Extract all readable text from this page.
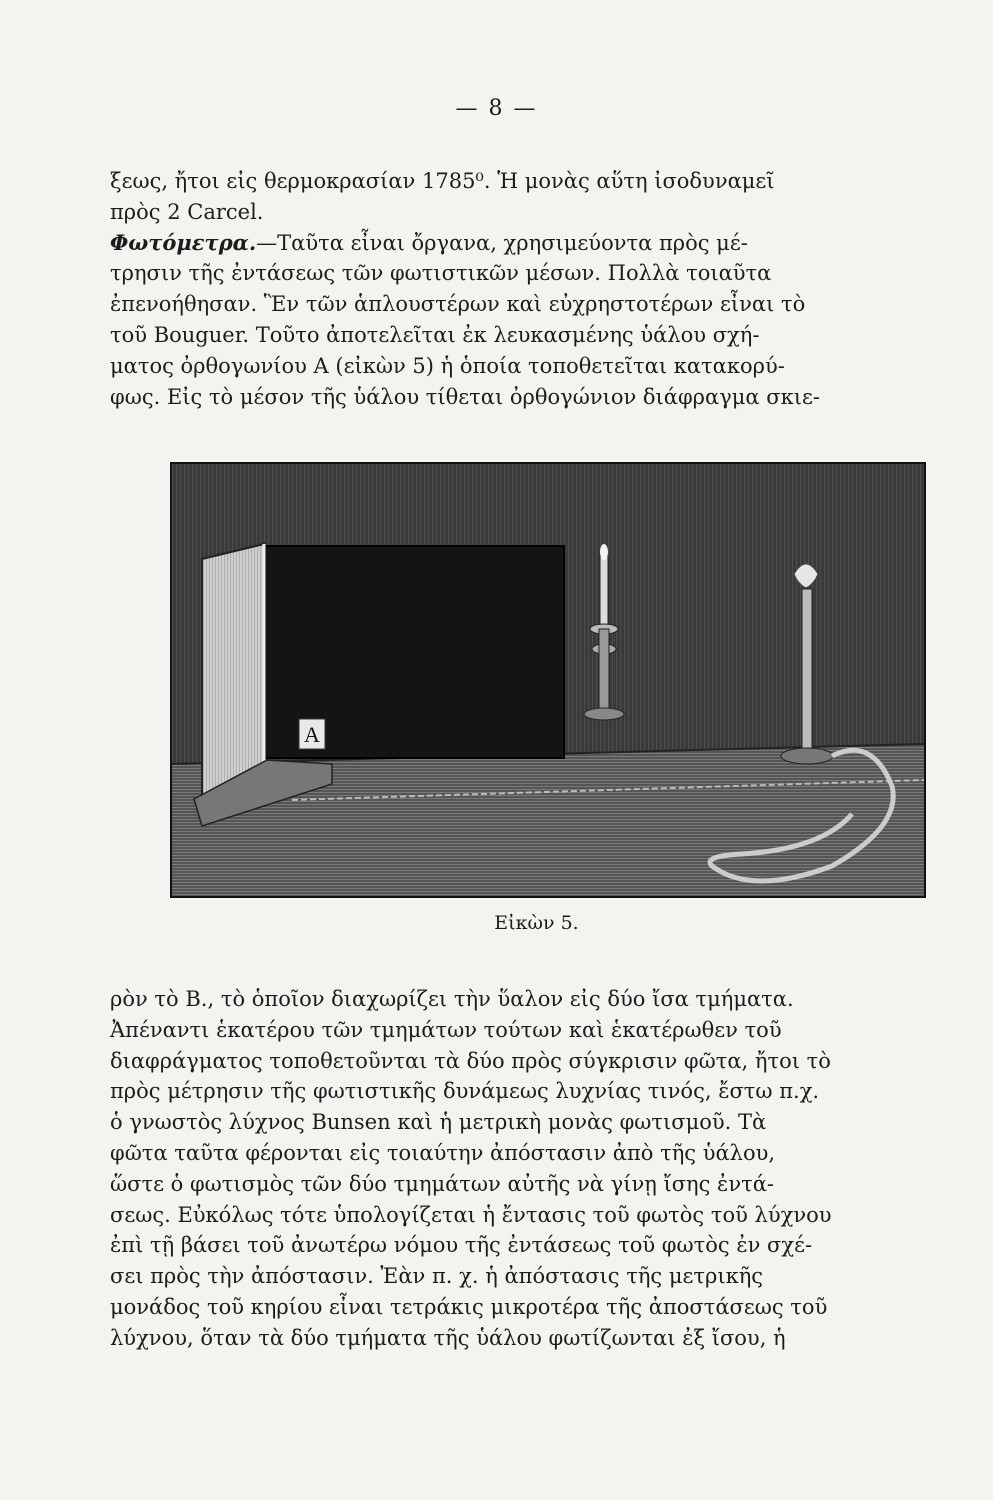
— 8 —
ξεως, ἤτοι εἰς θερμοκρασίαν 1785⁰. Ἡ μονὰς αὕτη ἰσοδυναμεῖ
πρὸς 2 Carcel.
Φωτόμετρα.—Ταῦτα εἶναι ὄργανα, χρησιμεύοντα πρὸς μέ-
τρησιν τῆς ἐντάσεως τῶν φωτιστικῶν μέσων. Πολλὰ τοιαῦτα
ἐπενοήθησαν. Ἓν τῶν ἁπλουστέρων καὶ εὐχρηστοτέρων εἶναι τὸ
τοῦ Bouguer. Τοῦτο ἀποτελεῖται ἐκ λευκασμένης ὑάλου σχή-
ματος ὀρθογωνίου Α (εἰκὼν 5) ἡ ὁποία τοποθετεῖται κατακορύ-
φως. Εἰς τὸ μέσον τῆς ὑάλου τίθεται ὀρθογώνιον διάφραγμα σκιε-
Α
Εἰκὼν 5.
ρὸν τὸ Β., τὸ ὁποῖον διαχωρίζει τὴν ὕαλον εἰς δύο ἴσα τμήματα.
Ἀπέναντι ἑκατέρου τῶν τμημάτων τούτων καὶ ἑκατέρωθεν τοῦ
διαφράγματος τοποθετοῦνται τὰ δύο πρὸς σύγκρισιν φῶτα, ἤτοι τὸ
πρὸς μέτρησιν τῆς φωτιστικῆς δυνάμεως λυχνίας τινός, ἔστω π.χ.
ὁ γνωστὸς λύχνος Bunsen καὶ ἡ μετρικὴ μονὰς φωτισμοῦ. Τὰ
φῶτα ταῦτα φέρονται εἰς τοιαύτην ἀπόστασιν ἀπὸ τῆς ὑάλου,
ὥστε ὁ φωτισμὸς τῶν δύο τμημάτων αὐτῆς νὰ γίνῃ ἴσης ἐντά-
σεως. Εὐκόλως τότε ὑπολογίζεται ἡ ἔντασις τοῦ φωτὸς τοῦ λύχνου
ἐπὶ τῇ βάσει τοῦ ἀνωτέρω νόμου τῆς ἐντάσεως τοῦ φωτὸς ἐν σχέ-
σει πρὸς τὴν ἀπόστασιν. Ἐὰν π. χ. ἡ ἀπόστασις τῆς μετρικῆς
μονάδος τοῦ κηρίου εἶναι τετράκις μικροτέρα τῆς ἀποστάσεως τοῦ
λύχνου, ὅταν τὰ δύο τμήματα τῆς ὑάλου φωτίζωνται ἐξ ἴσου, ἡ
